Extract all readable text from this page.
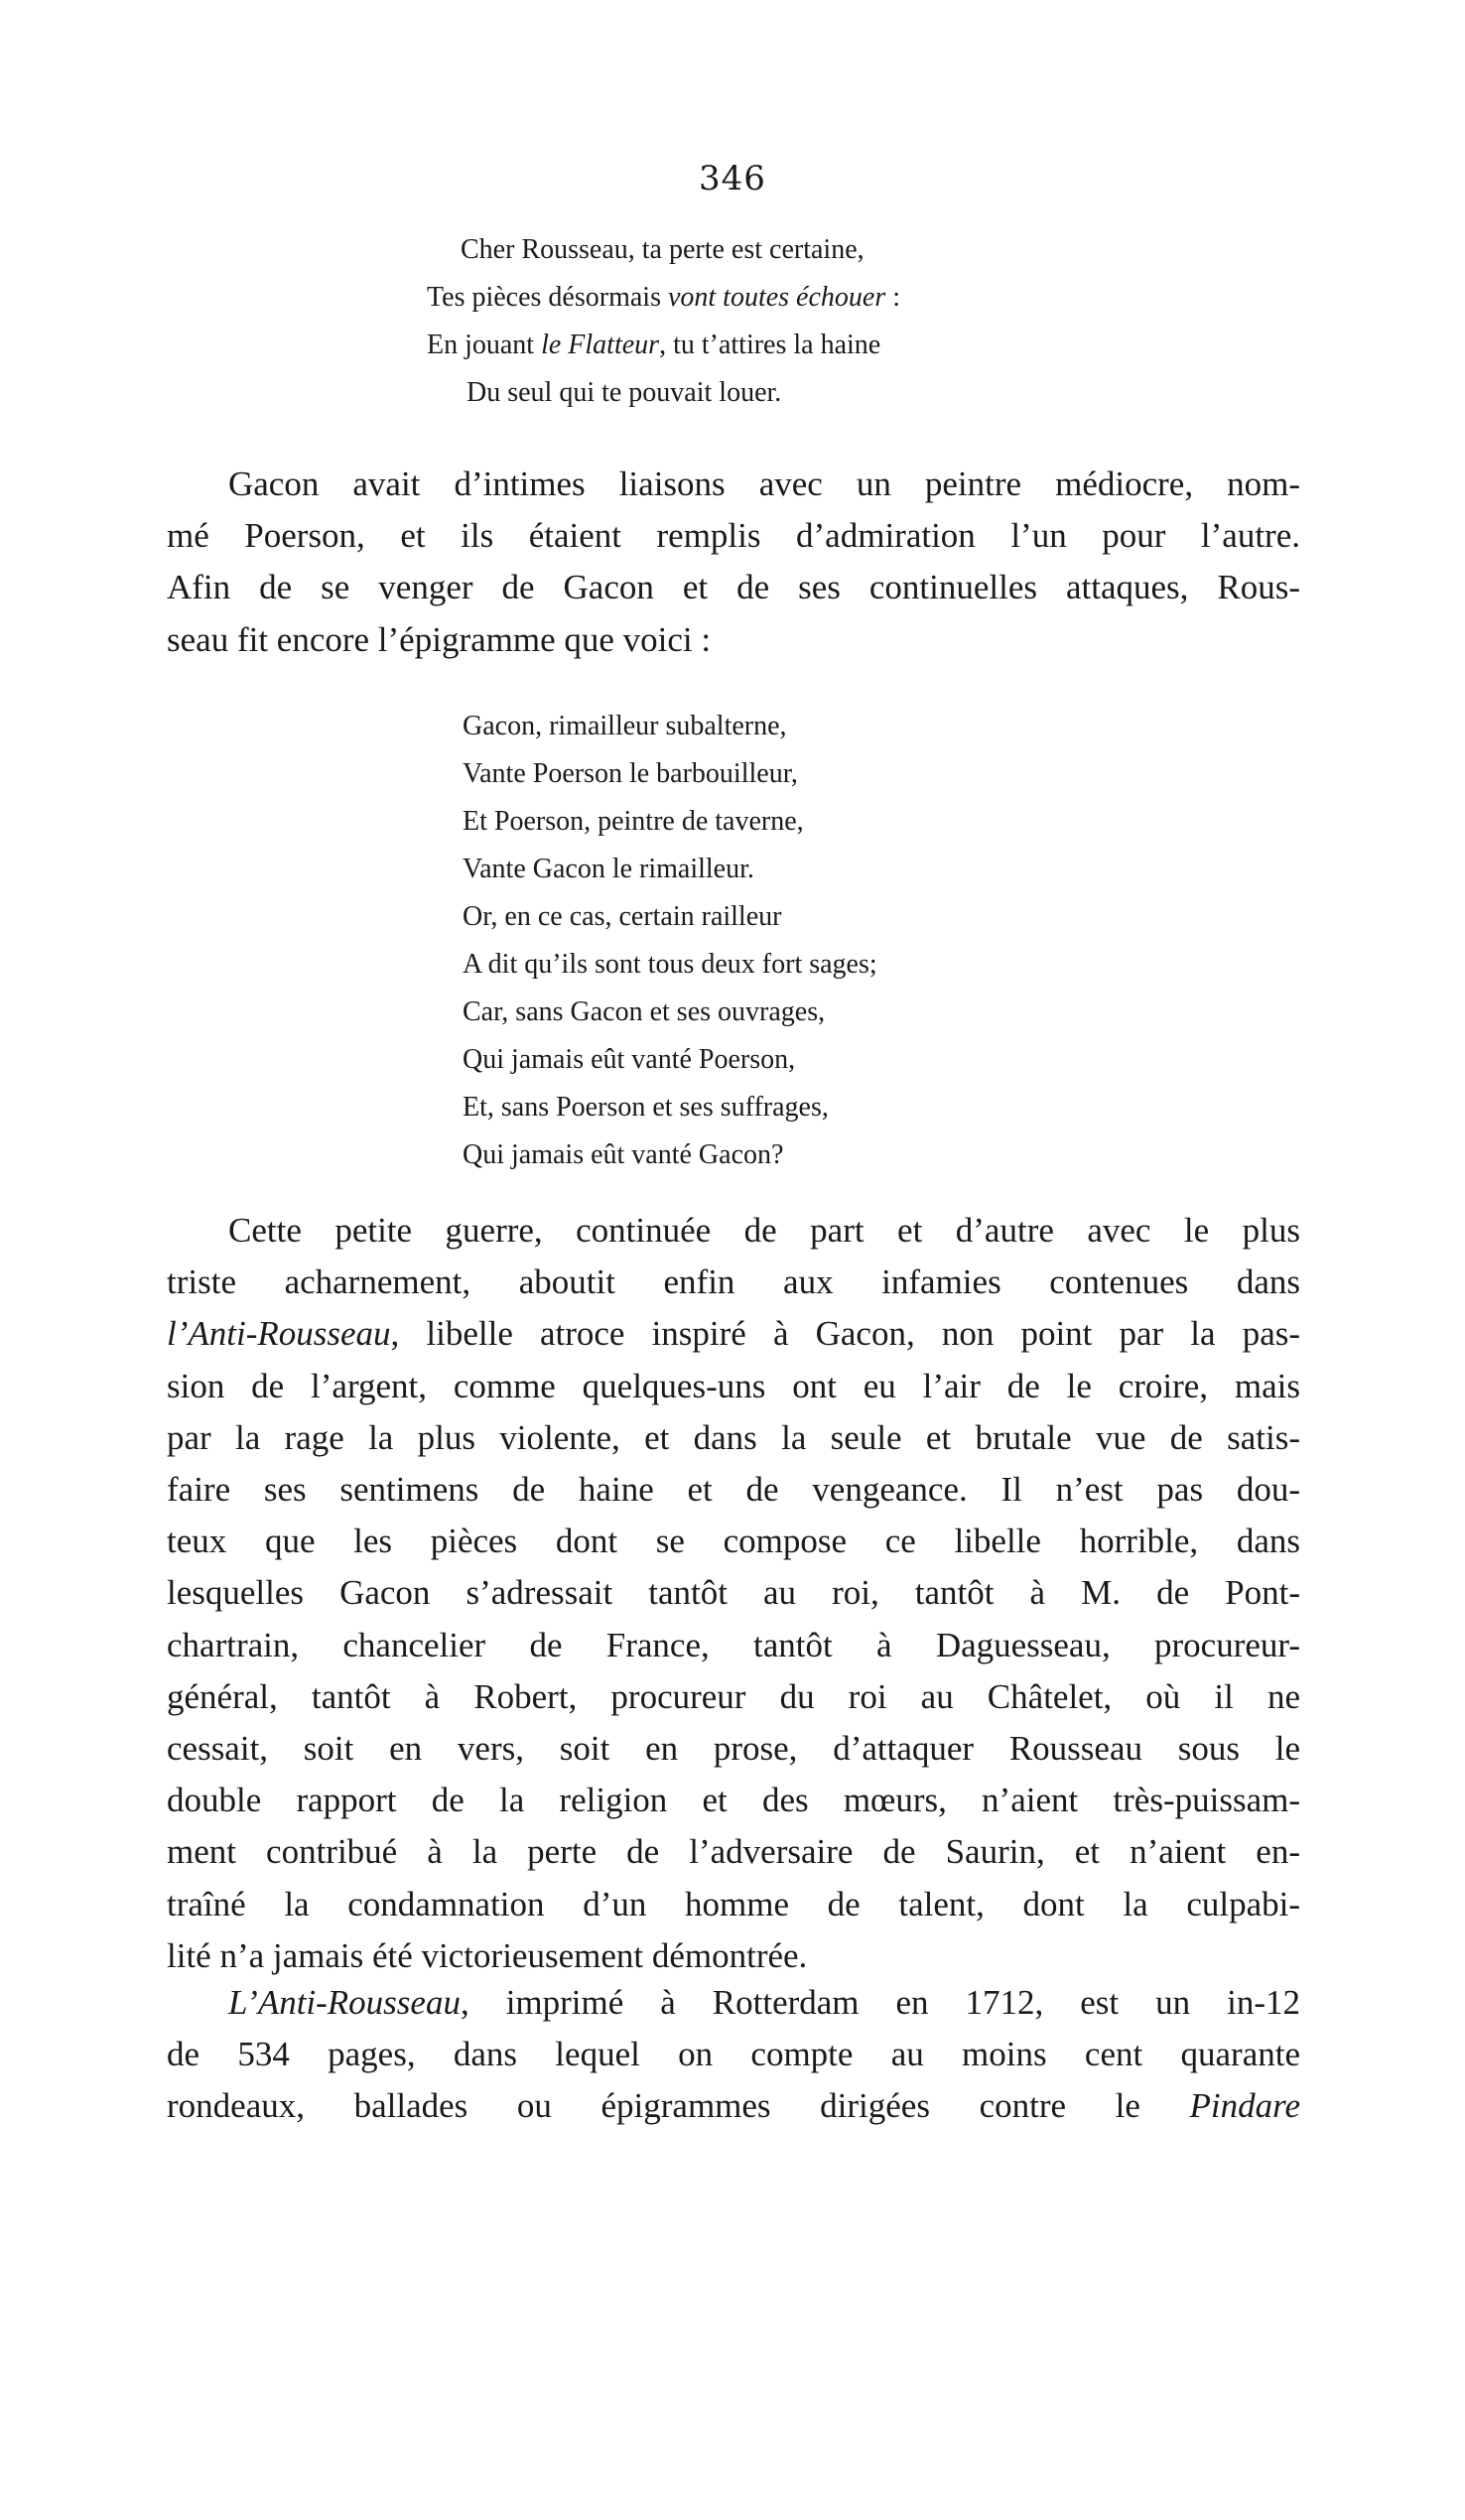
346
Cher Rousseau, ta perte est certaine,
Tes pièces désormais vont toutes échouer :
En jouant le Flatteur, tu t’attires la haine
Du seul qui te pouvait louer.
Gacon avait d’intimes liaisons avec un peintre médiocre, nom-
mé Poerson, et ils étaient remplis d’admiration l’un pour l’autre.
Afin de se venger de Gacon et de ses continuelles attaques, Rous-
seau fit encore l’épigramme que voici :
Gacon, rimailleur subalterne,
Vante Poerson le barbouilleur,
Et Poerson, peintre de taverne,
Vante Gacon le rimailleur.
Or, en ce cas, certain railleur
A dit qu’ils sont tous deux fort sages;
Car, sans Gacon et ses ouvrages,
Qui jamais eût vanté Poerson,
Et, sans Poerson et ses suffrages,
Qui jamais eût vanté Gacon?
Cette petite guerre, continuée de part et d’autre avec le plus
triste acharnement, aboutit enfin aux infamies contenues dans
l’Anti-Rousseau, libelle atroce inspiré à Gacon, non point par la pas-
sion de l’argent, comme quelques-uns ont eu l’air de le croire, mais
par la rage la plus violente, et dans la seule et brutale vue de satis-
faire ses sentimens de haine et de vengeance. Il n’est pas dou-
teux que les pièces dont se compose ce libelle horrible, dans
lesquelles Gacon s’adressait tantôt au roi, tantôt à M. de Pont-
chartrain, chancelier de France, tantôt à Daguesseau, procureur-
général, tantôt à Robert, procureur du roi au Châtelet, où il ne
cessait, soit en vers, soit en prose, d’attaquer Rousseau sous le
double rapport de la religion et des mœurs, n’aient très-puissam-
ment contribué à la perte de l’adversaire de Saurin, et n’aient en-
traîné la condamnation d’un homme de talent, dont la culpabi-
lité n’a jamais été victorieusement démontrée.
L’Anti-Rousseau, imprimé à Rotterdam en 1712, est un in-12
de 534 pages, dans lequel on compte au moins cent quarante
rondeaux, ballades ou épigrammes dirigées contre le Pindare
